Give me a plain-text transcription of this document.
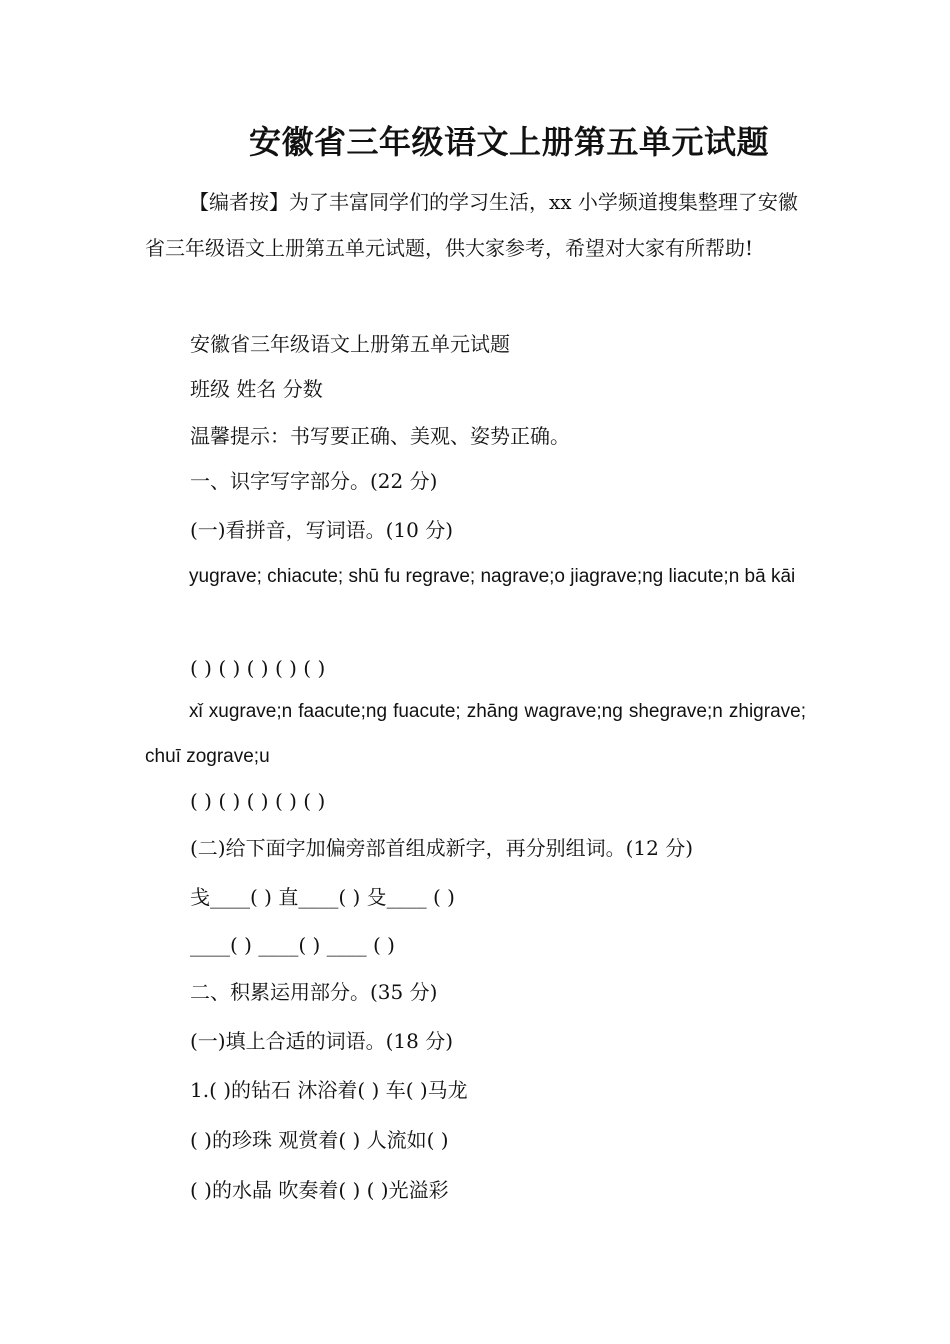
安徽省三年级语文上册第五单元试题

【编者按】为了丰富同学们的学习生活，xx 小学频道搜集整理了安徽省三年级语文上册第五单元试题，供大家参考，希望对大家有所帮助!

安徽省三年级语文上册第五单元试题

班级 姓名 分数

温馨提示：书写要正确、美观、姿势正确。

一、识字写字部分。(22 分)

(一)看拼音，写词语。(10 分)

yugrave; chiacute; shū fu regrave; nagrave;o jiagrave;ng liacute;n bā kāi

( ) ( ) ( ) ( ) ( )

xǐ xugrave;n faacute;ng fuacute; zhāng wagrave;ng shegrave;n zhigrave; chuī zograve;u

( ) ( ) ( ) ( ) ( )

(二)给下面字加偏旁部首组成新字，再分别组词。(12 分)

戋____( ) 直____( ) 殳____ ( )

____( ) ____( ) ____ ( )

二、积累运用部分。(35 分)

(一)填上合适的词语。(18 分)

1.( )的钻石 沐浴着( ) 车( )马龙

( )的珍珠 观赏着( ) 人流如( )

( )的水晶 吹奏着( ) ( )光溢彩
